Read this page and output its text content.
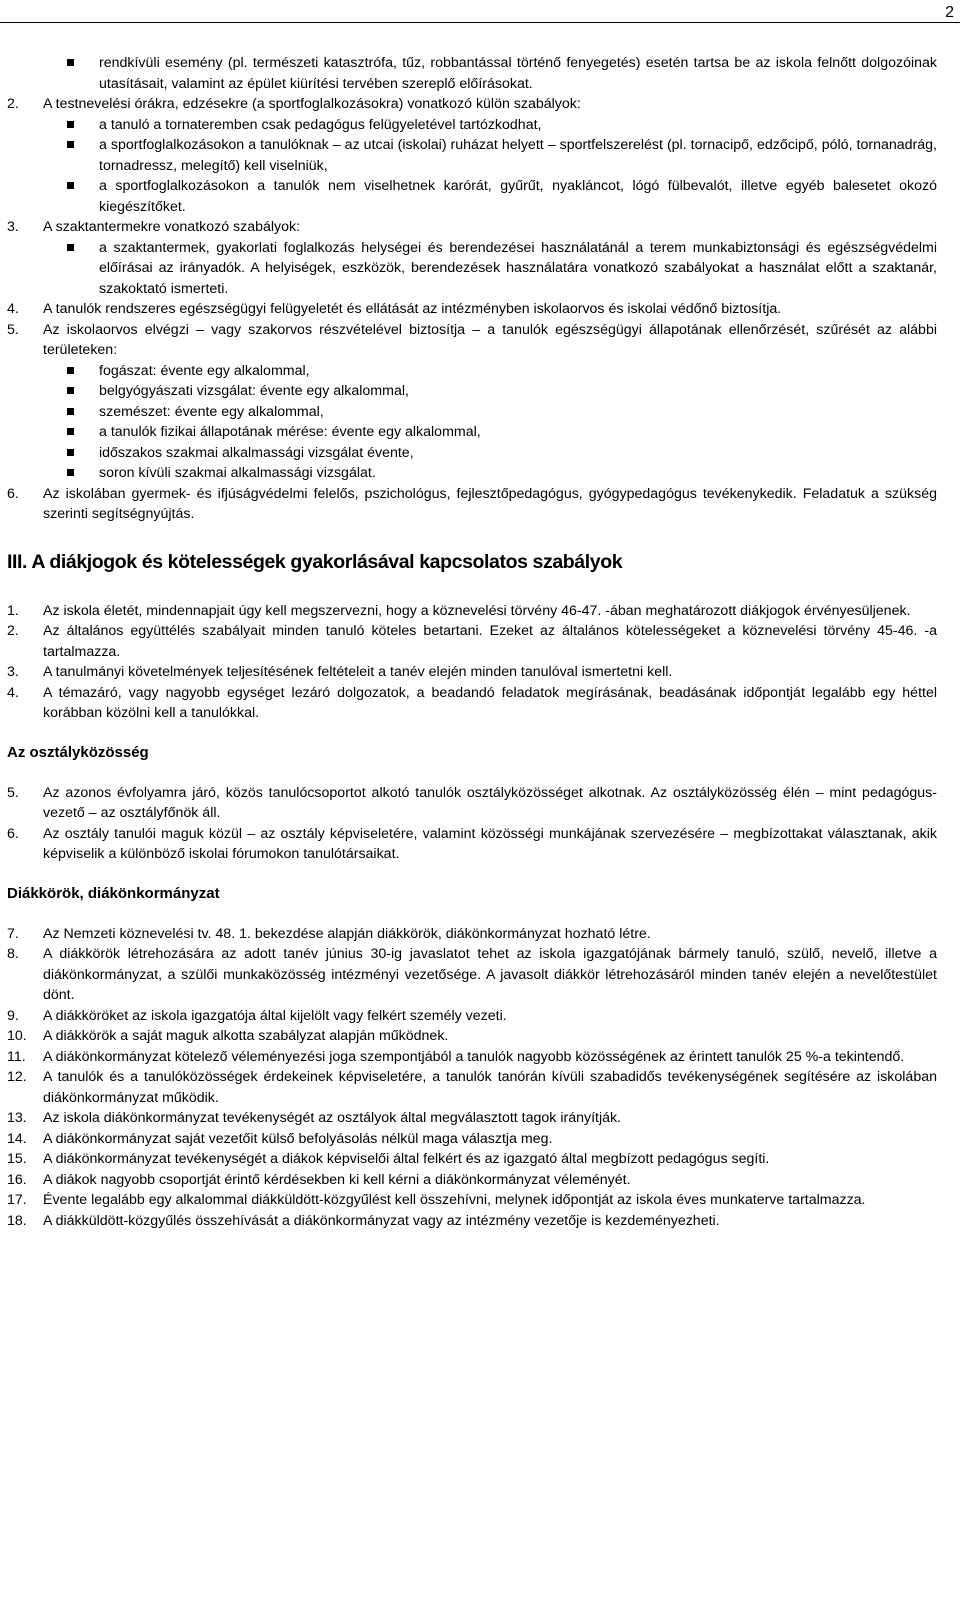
2
rendkívüli esemény (pl. természeti katasztrófa, tűz, robbantással történő fenyegetés) esetén tartsa be az iskola felnőtt dolgozóinak utasításait, valamint az épület kiürítési tervében szereplő előírásokat.
2. A testnevelési órákra, edzésekre (a sportfoglalkozásokra) vonatkozó külön szabályok:
a tanuló a tornateremben csak pedagógus felügyeletével tartózkodhat,
a sportfoglalkozásokon a tanulóknak – az utcai (iskolai) ruházat helyett – sportfelszerelést (pl. tornacipő, edzőcipő, póló, tornanadrág, tornadressz, melegítő) kell viselniük,
a sportfoglalkozásokon a tanulók nem viselhetnek karórát, gyűrűt, nyakláncot, lógó fülbevalót, illetve egyéb balesetet okozó kiegészítőket.
3. A szaktantermekre vonatkozó szabályok:
a szaktantermek, gyakorlati foglalkozás helységei és berendezései használatánál a terem munkabiztonsági és egészségvédelmi előírásai az irányadók. A helyiségek, eszközök, berendezések használatára vonatkozó szabályokat a használat előtt a szaktanár, szakoktató ismerteti.
4. A tanulók rendszeres egészségügyi felügyeletét és ellátását az intézményben iskolaorvos és iskolai védőnő biztosítja.
5. Az iskolaorvos elvégzi – vagy szakorvos részvételével biztosítja – a tanulók egészségügyi állapotának ellenőrzését, szűrését az alábbi területeken:
fogászat: évente egy alkalommal,
belgyógyászati vizsgálat: évente egy alkalommal,
szemészet: évente egy alkalommal,
a tanulók fizikai állapotának mérése: évente egy alkalommal,
időszakos szakmai alkalmassági vizsgálat évente,
soron kívüli szakmai alkalmassági vizsgálat.
6. Az iskolában gyermek- és ifjúságvédelmi felelős, pszichológus, fejlesztőpedagógus, gyógypedagógus tevékenykedik. Feladatuk a szükség szerinti segítségnyújtás.
III. A diákjogok és kötelességek gyakorlásával kapcsolatos szabályok
1. Az iskola életét, mindennapjait úgy kell megszervezni, hogy a köznevelési törvény 46-47. -ában meghatározott diákjogok érvényesüljenek.
2. Az általános együttélés szabályait minden tanuló köteles betartani. Ezeket az általános kötelességeket a köznevelési törvény 45-46. -a tartalmazza.
3. A tanulmányi követelmények teljesítésének feltételeit a tanév elején minden tanulóval ismertetni kell.
4. A témazáró, vagy nagyobb egységet lezáró dolgozatok, a beadandó feladatok megírásának, beadásának időpontját legalább egy héttel korábban közölni kell a tanulókkal.
Az osztályközösség
5. Az azonos évfolyamra járó, közös tanulócsoportot alkotó tanulók osztályközösséget alkotnak. Az osztályközösség élén – mint pedagógus-vezető – az osztályfőnök áll.
6. Az osztály tanulói maguk közül – az osztály képviseletére, valamint közösségi munkájának szervezésére – megbízottakat választanak, akik képviselik a különböző iskolai fórumokon tanulótársaikat.
Diákkörök, diákönkormányzat
7. Az Nemzeti köznevelési tv. 48. 1. bekezdése alapján diákkörök, diákönkormányzat hozható létre.
8. A diákkörök létrehozására az adott tanév június 30-ig javaslatot tehet az iskola igazgatójának bármely tanuló, szülő, nevelő, illetve a diákönkormányzat, a szülői munkaközösség intézményi vezetősége. A javasolt diákkör létrehozásáról minden tanév elején a nevelőtestület dönt.
9. A diákköröket az iskola igazgatója által kijelölt vagy felkért személy vezeti.
10. A diákkörök a saját maguk alkotta szabályzat alapján működnek.
11. A diákönkormányzat kötelező véleményezési joga szempontjából a tanulók nagyobb közösségének az érintett tanulók 25 %-a tekintendő.
12. A tanulók és a tanulóközösségek érdekeinek képviseletére, a tanulók tanórán kívüli szabadidős tevékenységének segítésére az iskolában diákönkormányzat működik.
13. Az iskola diákönkormányzat tevékenységét az osztályok által megválasztott tagok irányítják.
14. A diákönkormányzat saját vezetőit külső befolyásolás nélkül maga választja meg.
15. A diákönkormányzat tevékenységét a diákok képviselői által felkért és az igazgató által megbízott pedagógus segíti.
16. A diákok nagyobb csoportját érintő kérdésekben ki kell kérni a diákönkormányzat véleményét.
17. Évente legalább egy alkalommal diákküldött-közgyűlést kell összehívni, melynek időpontját az iskola éves munkaterve tartalmazza.
18. A diákküldött-közgyűlés összehívását a diákönkormányzat vagy az intézmény vezetője is kezdeményezheti.
